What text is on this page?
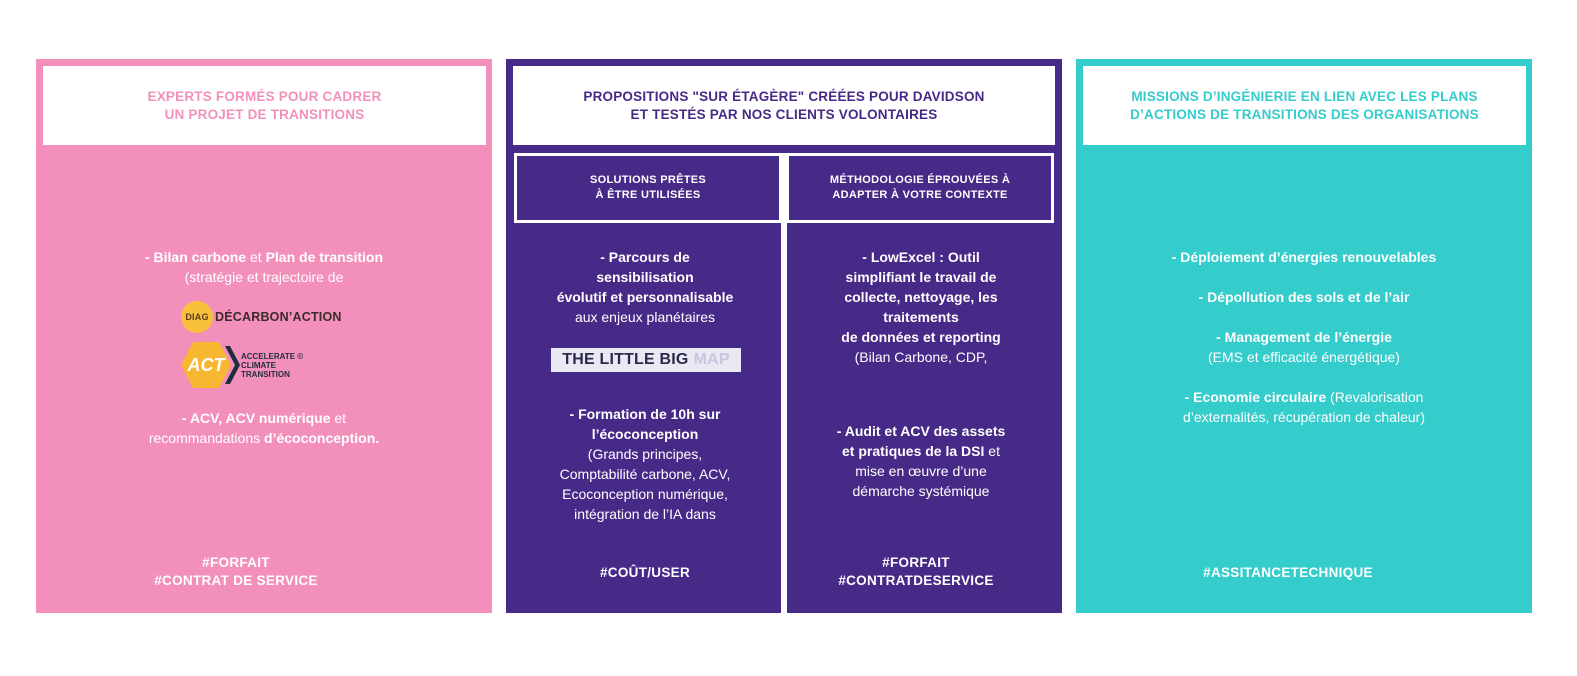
EXPERTS FORMÉS POUR CADRER
UN PROJET DE TRANSITIONS
- Bilan carbone et Plan de transition
(stratégie et trajectoire de
DIAG DÉCARBON’ACTION
ACT	ACCELERATE ©
CLIMATE
TRANSITION
- ACV, ACV numérique et
recommandations d’écoconception.
#FORFAIT
#CONTRAT DE SERVICE
PROPOSITIONS "SUR ÉTAGÈRE" CRÉÉES POUR DAVIDSON
ET TESTÉS PAR NOS CLIENTS VOLONTAIRES
SOLUTIONS PRÊTES
À ÊTRE UTILISÉES
MÉTHODOLOGIE ÉPROUVÉES À
ADAPTER À VOTRE CONTEXTE
- Parcours de
sensibilisation
évolutif et personnalisable
aux enjeux planétaires
THE LITTLE BIG MAP
- Formation de 10h sur
l’écoconception
(Grands principes,
Comptabilité carbone, ACV,
Ecoconception numérique,
intégration de l’IA dans
#COÛT/USER
- LowExcel : Outil
simplifiant le travail de
collecte, nettoyage, les
traitements
de données et reporting
(Bilan Carbone, CDP,
- Audit et ACV des assets
et pratiques de la DSI et
mise en œuvre d’une
démarche systémique
#FORFAIT
#CONTRATDESERVICE
MISSIONS D’INGÉNIERIE EN LIEN AVEC LES PLANS
D’ACTIONS DE TRANSITIONS DES ORGANISATIONS
- Déploiement d’énergies renouvelables
- Dépollution des sols et de l’air
- Management de l’énergie
(EMS et efficacité énergétique)
- Economie circulaire (Revalorisation
d’externalités, récupération de chaleur)
#ASSITANCETECHNIQUE
